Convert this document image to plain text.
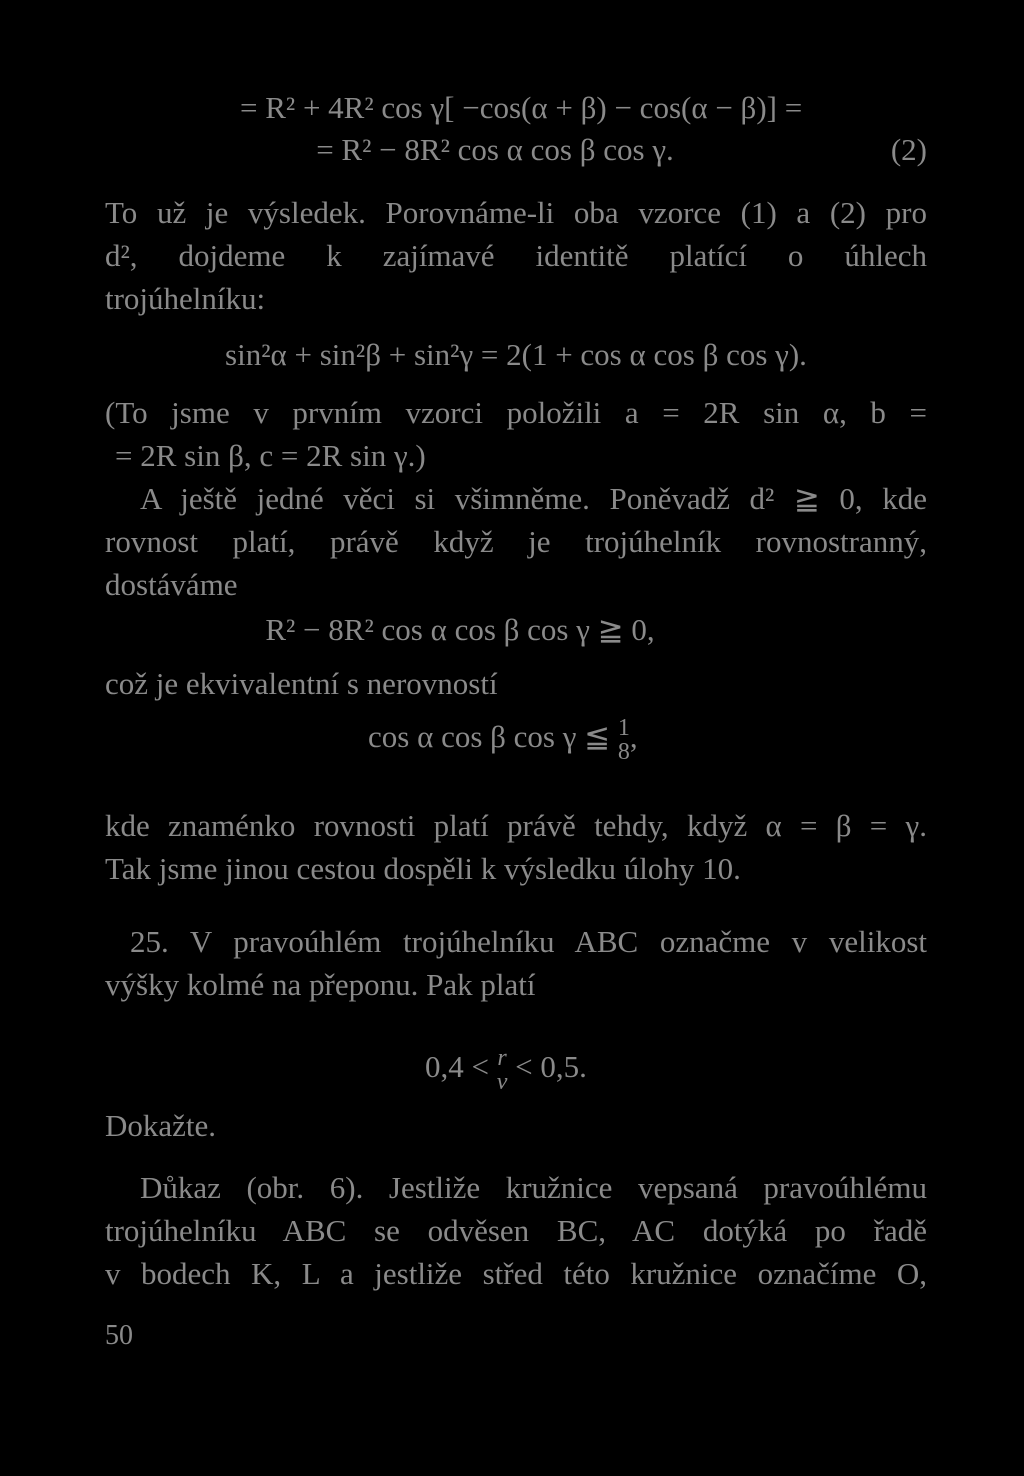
= R² + 4R² cos γ[ −cos(α + β) − cos(α − β)] =
= R² − 8R² cos α cos β cos γ.	(2)
To už je výsledek. Porovnáme-li oba vzorce (1) a (2) pro
d², dojdeme k zajímavé identitě platící o úhlech
trojúhelníku:
sin²α + sin²β + sin²γ = 2(1 + cos α cos β cos γ).
(To jsme v prvním vzorci položili a = 2R sin α, b =
= 2R sin β, c = 2R sin γ.)
A ještě jedné věci si všimněme. Poněvadž d² ≧ 0, kde
rovnost platí, právě když je trojúhelník rovnostranný,
dostáváme
R² − 8R² cos α cos β cos γ ≧ 0,
což je ekvivalentní s nerovností
cos α cos β cos γ ≦ 1
8 ,
kde znaménko rovnosti platí právě tehdy, když α = β = γ.
Tak jsme jinou cestou dospěli k výsledku úlohy 10.
25. V pravoúhlém trojúhelníku ABC označme v velikost
výšky kolmé na přeponu. Pak platí
0,4 < r
v < 0,5.
Dokažte.
Důkaz (obr. 6). Jestliže kružnice vepsaná pravoúhlému
trojúhelníku ABC se odvěsen BC, AC dotýká po řadě
v bodech K, L a jestliže střed této kružnice označíme O,
50
